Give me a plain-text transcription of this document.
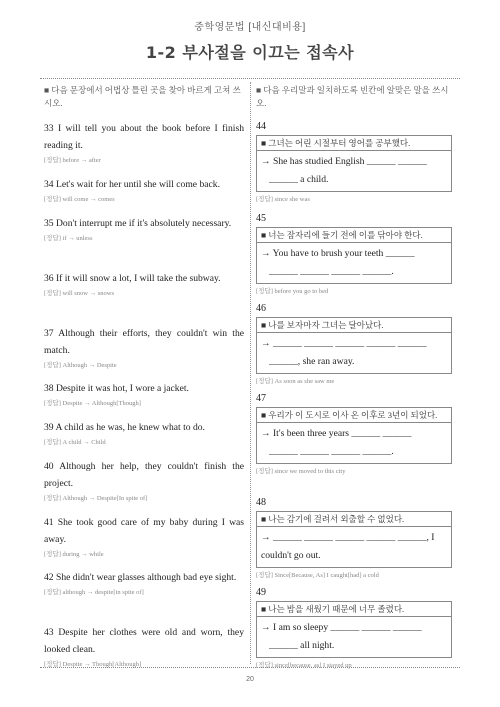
중학영문법 [내신대비용]
1-2 부사절을 이끄는 접속사
■ 다음 문장에서 어법상 틀린 곳을 찾아 바르게 고쳐 쓰시오.
33 I will tell you about the book before I finish reading it.
[정답] before → after
34 Let's wait for her until she will come back.
[정답] will come → comes
35 Don't interrupt me if it's absolutely necessary.
[정답] if → unless
36 If it will snow a lot, I will take the subway.
[정답] will snow → snows
37 Although their efforts, they couldn't win the match.
[정답] Although → Despite
38 Despite it was hot, I wore a jacket.
[정답] Despite → Although[Though]
39 A child as he was, he knew what to do.
[정답] A child → Child
40 Although her help, they couldn't finish the project.
[정답] Although → Despite[In spite of]
41 She took good care of my baby during I was away.
[정답] during → while
42 She didn't wear glasses although bad eye sight.
[정답] although → despite[in spite of]
43 Despite her clothes were old and worn, they looked clean.
[정답] Despite → Though[Although]
■ 다음 우리말과 일치하도록 빈칸에 알맞은 말을 쓰시오.
44
■ 그녀는 어린 시절부터 영어를 공부했다.
→ She has studied English ______ ______
______ a child.
[정답] since she was
45
■ 너는 잠자리에 들기 전에 이를 닦아야 한다.
→ You have to brush your teeth ______
______ ______ ______ ______.
[정답] before you go to bed
46
■ 나를 보자마자 그녀는 달아났다.
→ ______ ______ ______ ______ ______
______, she ran away.
[정답] As soon as she saw me
47
■ 우리가 이 도시로 이사 온 이후로 3년이 되었다.
→ It's been three years ______ ______
______ ______ ______ ______.
[정답] since we moved to this city
48
■ 나는 감기에 걸려서 외출할 수 없었다.
→ ______ ______ ______ ______ ______, I
couldn't go out.
[정답] Since[Because, As] I caught[had] a cold
49
■ 나는 밤을 새웠기 때문에 너무 졸렸다.
→ I am so sleepy ______ ______ ______
______ all night.
[정답] since[because, as] I stayed up
20
